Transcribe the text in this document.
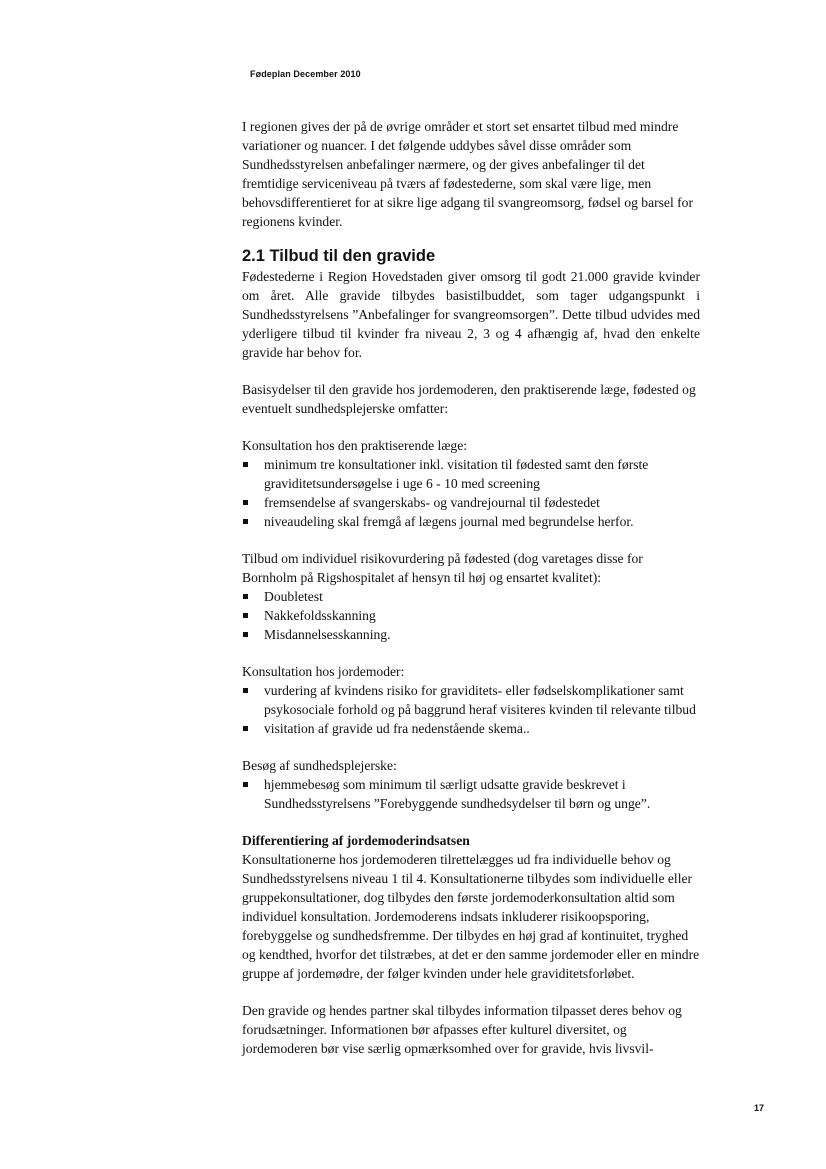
Fødeplan December 2010

I regionen gives der på de øvrige områder et stort set ensartet tilbud med mindre variationer og nuancer. I det følgende uddybes såvel disse områder som Sundhedsstyrelsen anbefalinger nærmere, og der gives anbefalinger til det fremtidige serviceniveau på tværs af fødestederne, som skal være lige, men behovsdifferentieret for at sikre lige adgang til svangreomsorg, fødsel og barsel for regionens kvinder.

2.1 Tilbud til den gravide

Fødestederne i Region Hovedstaden giver omsorg til godt 21.000 gravide kvinder om året. Alle gravide tilbydes basistilbuddet, som tager udgangspunkt i Sundhedsstyrelsens ”Anbefalinger for svangreomsorgen”. Dette tilbud udvides med yderligere tilbud til kvinder fra niveau 2, 3 og 4 afhængig af, hvad den enkelte gravide har behov for.

Basisydelser til den gravide hos jordemoderen, den praktiserende læge, fødested og eventuelt sundhedsplejerske omfatter:

Konsultation hos den praktiserende læge:

minimum tre konsultationer inkl. visitation til fødested samt den første graviditetsundersøgelse i uge 6 - 10 med screening
fremsendelse af svangerskabs- og vandrejournal til fødestedet
niveaudeling skal fremgå af lægens journal med begrundelse herfor.

Tilbud om individuel risikovurdering på fødested (dog varetages disse for Bornholm på Rigshospitalet af hensyn til høj og ensartet kvalitet):

Doubletest
Nakkefoldsskanning
Misdannelsesskanning.

Konsultation hos jordemoder:

vurdering af kvindens risiko for graviditets- eller fødselskomplikationer samt psykosociale forhold og på baggrund heraf visiteres kvinden til relevante tilbud
visitation af gravide ud fra nedenstående skema..

Besøg af sundhedsplejerske:

hjemmebesøg som minimum til særligt udsatte gravide beskrevet i Sundhedsstyrelsens ”Forebyggende sundhedsydelser til børn og unge”.

Differentiering af jordemoderindsatsen

Konsultationerne hos jordemoderen tilrettelægges ud fra individuelle behov og Sundhedsstyrelsens niveau 1 til 4. Konsultationerne tilbydes som individuelle eller gruppekonsultationer, dog tilbydes den første jordemoderkonsultation altid som individuel konsultation. Jordemoderens indsats inkluderer risikoopsporing, forebyggelse og sundhedsfremme. Der tilbydes en høj grad af kontinuitet, tryghed og kendthed, hvorfor det tilstræbes, at det er den samme jordemoder eller en mindre gruppe af jordemødre, der følger kvinden under hele graviditetsforløbet.

Den gravide og hendes partner skal tilbydes information tilpasset deres behov og forudsætninger. Informationen bør afpasses efter kulturel diversitet, og jordemoderen bør vise særlig opmærksomhed over for gravide, hvis livsvil-

17
